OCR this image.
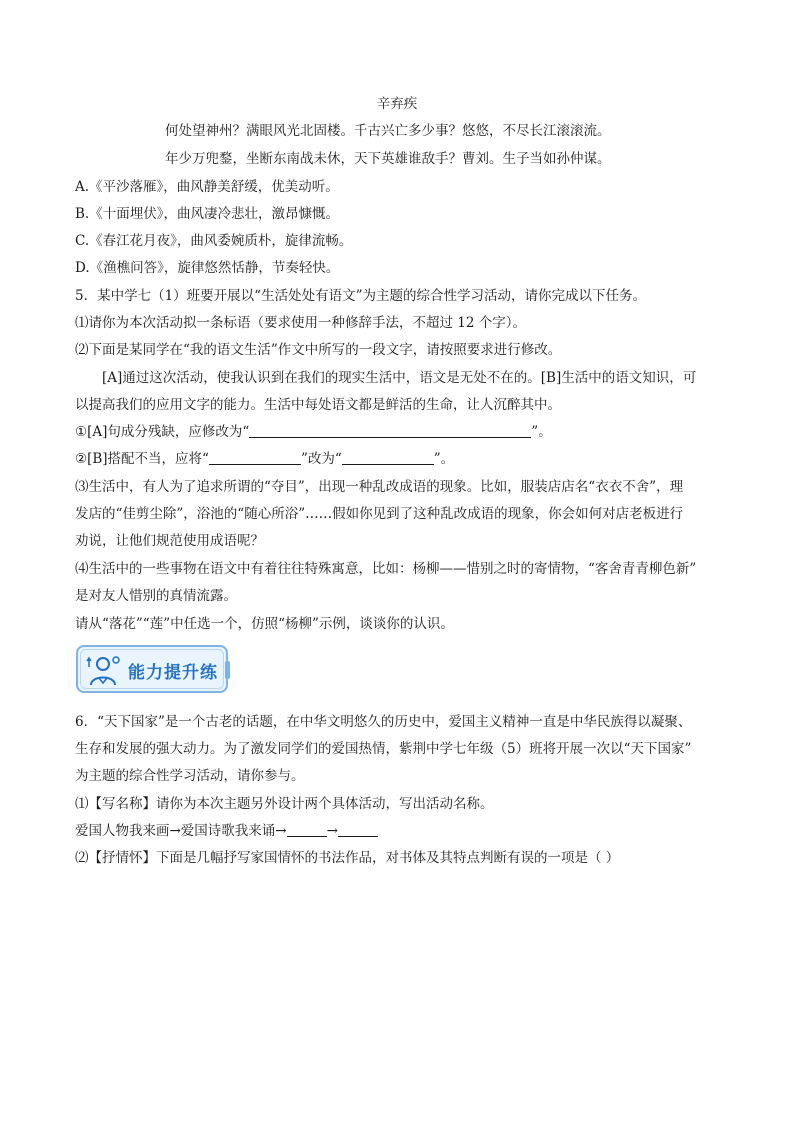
辛弃疾
何处望神州？满眼风光北固楼。千古兴亡多少事？悠悠，不尽长江滚滚流。
年少万兜鍪，坐断东南战未休，天下英雄谁敌手？曹刘。生子当如孙仲谋。
A.《平沙落雁》，曲风静美舒缓，优美动听。
B.《十面埋伏》，曲风凄冷悲壮，激昂慷慨。
C.《春江花月夜》，曲风委婉质朴，旋律流畅。
D.《渔樵问答》，旋律悠然恬静，节奏轻快。
5．某中学七（1）班要开展以“生活处处有语文”为主题的综合性学习活动，请你完成以下任务。
⑴请你为本次活动拟一条标语（要求使用一种修辞手法，不超过 12 个字）。
⑵下面是某同学在“我的语文生活”作文中所写的一段文字，请按照要求进行修改。
[A]通过这次活动，使我认识到在我们的现实生活中，语文是无处不在的。[B]生活中的语文知识，可
以提高我们的应用文字的能力。生活中每处语文都是鲜活的生命，让人沉醉其中。
①[A]句成分残缺，应修改为“	”。
②[B]搭配不当，应将“	”改为“	”。
⑶生活中，有人为了追求所谓的“夺目”，出现一种乱改成语的现象。比如，服装店店名“衣衣不舍”，理
发店的“佳剪尘除”，浴池的“随心所浴”……假如你见到了这种乱改成语的现象，你会如何对店老板进行
劝说，让他们规范使用成语呢？
⑷生活中的一些事物在语文中有着往往特殊寓意，比如：杨柳——惜别之时的寄情物，“客舍青青柳色新”
是对友人惜别的真情流露。
请从“落花”“莲”中任选一个，仿照“杨柳”示例，谈谈你的认识。
能力提升练
6．“天下国家”是一个古老的话题，在中华文明悠久的历史中，爱国主义精神一直是中华民族得以凝聚、
生存和发展的强大动力。为了激发同学们的爱国热情，紫荆中学七年级（5）班将开展一次以“天下国家”
为主题的综合性学习活动，请你参与。
⑴【写名称】请你为本次主题另外设计两个具体活动，写出活动名称。
爱国人物我来画→爱国诗歌我来诵→	→
⑵【抒情怀】下面是几幅抒写家国情怀的书法作品，对书体及其特点判断有误的一项是（ ）
